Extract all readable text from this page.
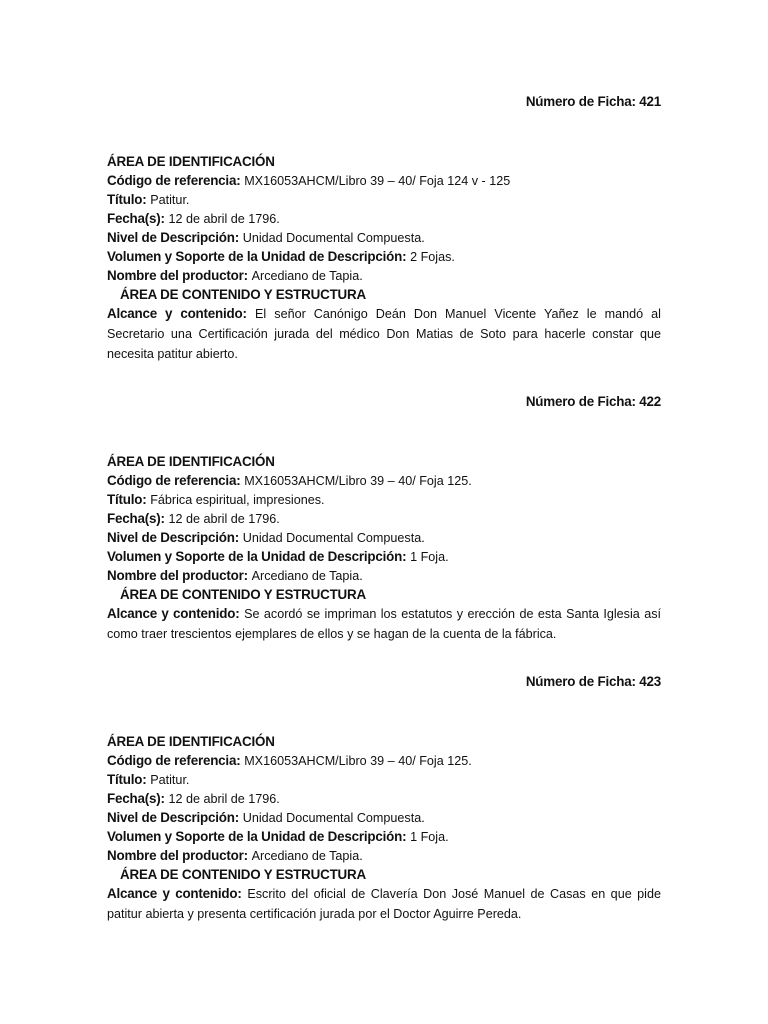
Número de Ficha: 421
ÁREA DE IDENTIFICACIÓN
Código de referencia: MX16053AHCM/Libro 39 – 40/ Foja 124 v - 125
Título: Patitur.
Fecha(s): 12 de abril de 1796.
Nivel de Descripción: Unidad Documental Compuesta.
Volumen y Soporte de la Unidad de Descripción: 2 Fojas.
Nombre del productor: Arcediano de Tapia.
ÁREA DE CONTENIDO Y ESTRUCTURA
Alcance y contenido: El señor Canónigo Deán Don Manuel Vicente Yañez le mandó al Secretario una Certificación jurada del médico Don Matias de Soto para hacerle constar que necesita patitur abierto.
Número de Ficha: 422
ÁREA DE IDENTIFICACIÓN
Código de referencia: MX16053AHCM/Libro 39 – 40/ Foja 125.
Título: Fábrica espiritual, impresiones.
Fecha(s): 12 de abril de 1796.
Nivel de Descripción: Unidad Documental Compuesta.
Volumen y Soporte de la Unidad de Descripción: 1 Foja.
Nombre del productor: Arcediano de Tapia.
ÁREA DE CONTENIDO Y ESTRUCTURA
Alcance y contenido: Se acordó se impriman los estatutos y erección de esta Santa Iglesia así como traer trescientos ejemplares de ellos y se hagan de la cuenta de la fábrica.
Número de Ficha: 423
ÁREA DE IDENTIFICACIÓN
Código de referencia: MX16053AHCM/Libro 39 – 40/ Foja 125.
Título: Patitur.
Fecha(s): 12 de abril de 1796.
Nivel de Descripción: Unidad Documental Compuesta.
Volumen y Soporte de la Unidad de Descripción: 1 Foja.
Nombre del productor: Arcediano de Tapia.
ÁREA DE CONTENIDO Y ESTRUCTURA
Alcance y contenido: Escrito del oficial de Clavería Don José Manuel de Casas en que pide patitur abierta y presenta certificación jurada por el Doctor Aguirre Pereda.
